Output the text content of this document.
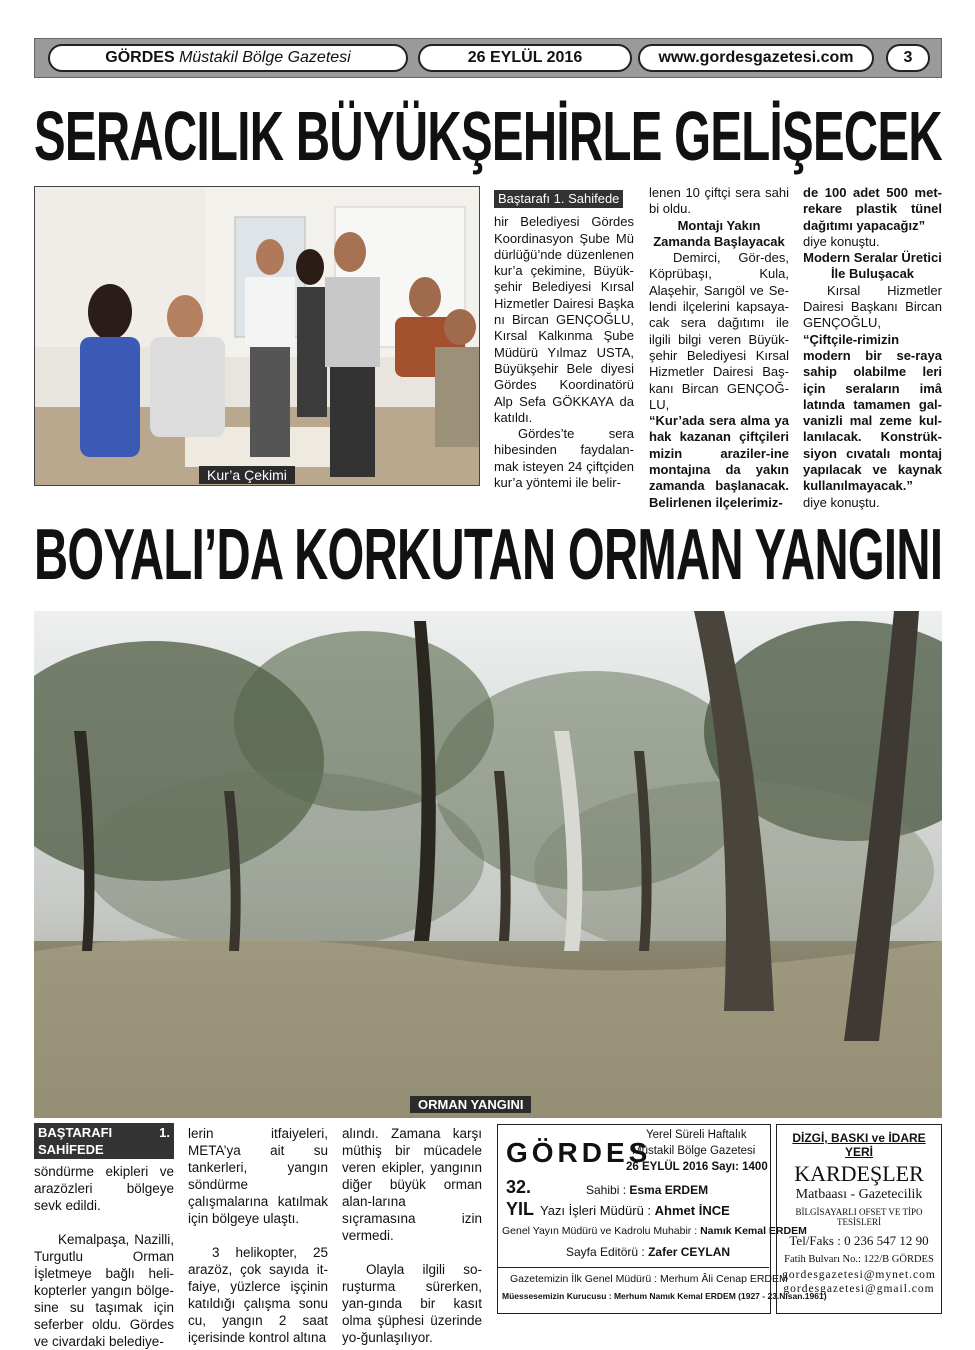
GÖRDES
Müstakil Bölge Gazetesi	26 EYLÜL 2016	www.gordesgazetesi.com	3
SERACILIK BÜYÜKŞEHİRLE GELİŞECEK
Kur’a Çekimi
Baştarafı 1. Sahifede

hir Belediyesi Gördes Koordinasyon Şube Mü dürlüğü’nde düzenlenen kur’a çekimine, Büyük-şehir Belediyesi Kırsal Hizmetler Dairesi Başka nı Bircan GENÇOĞLU, Kırsal Kalkınma Şube Müdürü Yılmaz USTA, Büyükşehir Bele diyesi Gördes Koordinatörü Alp Sefa GÖKKAYA da katıldı.

Gördes’te sera hibesinden faydalan-mak isteyen 24 çiftçiden kur’a yöntemi ile belir-

lenen 10 çiftçi sera sahi bi oldu.

Montajı Yakın Zamanda Başlayacak

Demirci, Gör-des, Köprübaşı, Kula, Alaşehir, Sarıgöl ve Se-lendi ilçelerini kapsaya-cak sera dağıtımı ile ilgili bilgi veren Büyük-şehir Belediyesi Kırsal Hizmetler Dairesi Baş-kanı Bircan GENÇOĞ-LU,

“Kur’ada sera alma ya hak kazanan çiftçileri mizin araziler-ine montajına da yakın zamanda başlanacak. Belirlenen ilçelerimiz-

de 100 adet 500 met-rekare plastik tünel dağıtımı yapacağız”

diye konuştu.

Modern Seralar Üretici İle Buluşacak

Kırsal Hizmetler Dairesi Başkanı Bircan GENÇOĞLU,

“Çiftçile-rimizin modern bir se-raya sahip olabilme leri için seraların imâ latında tamamen gal-vanizli mal zeme kul-lanılacak. Konstrük-siyon cıvatalı montaj yapılacak ve kaynak kullanılmayacak.”

diye konuştu.

BOYALI’DA KORKUTAN ORMAN YANGINI
ORMAN YANGINI
BAŞTARAFI 1. SAHİFEDE

söndürme ekipleri ve arazözleri bölgeye sevk edildi.

Kemalpaşa, Nazilli, Turgutlu Orman İşletmeye bağlı heli-kopterler yangın bölge-sine su taşımak için seferber oldu. Gördes ve civardaki belediye-

lerin itfaiyeleri, META’ya ait su tankerleri, yangın söndürme çalışmalarına katılmak için bölgeye ulaştı.

3 helikopter, 25 arazöz, çok sayıda it-faiye, yüzlerce işçinin katıldığı çalışma sonu cu, yangın 2 saat içerisinde kontrol altına

alındı. Zamana karşı müthiş bir mücadele veren ekipler, yangının diğer büyük orman alan-larına sıçramasına izin vermedi.

Olayla ilgili so-ruşturma sürerken, yan-gında bir kasıt olma şüphesi üzerinde yo-ğunlaşılıyor.

GÖRDES
Yerel Süreli Haftalık
Müstakil Bölge Gazetesi
26 EYLÜL 2016 Sayı: 1400
32.
YIL
Sahibi : Esma ERDEM
Yazı İşleri Müdürü : Ahmet İNCE
Genel Yayın Müdürü ve Kadrolu Muhabir : Namık Kemal ERDEM
Sayfa Editörü : Zafer CEYLAN
Gazetemizin İlk Genel Müdürü : Merhum Âli Cenap ERDEM
Müessesemizin Kurucusu : Merhum Namık Kemal ERDEM (1927 - 23.Nisan.1961)
DİZGİ, BASKI ve İDARE YERİ
KARDEŞLER
Matbaası - Gazetecilik
BİLGİSAYARLI OFSET VE TİPO TESİSLERİ
Tel/Faks : 0 236 547 12 90
Fatih Bulvarı No.: 122/B GÖRDES
gordesgazetesi@mynet.com
gordesgazetesi@gmail.com
